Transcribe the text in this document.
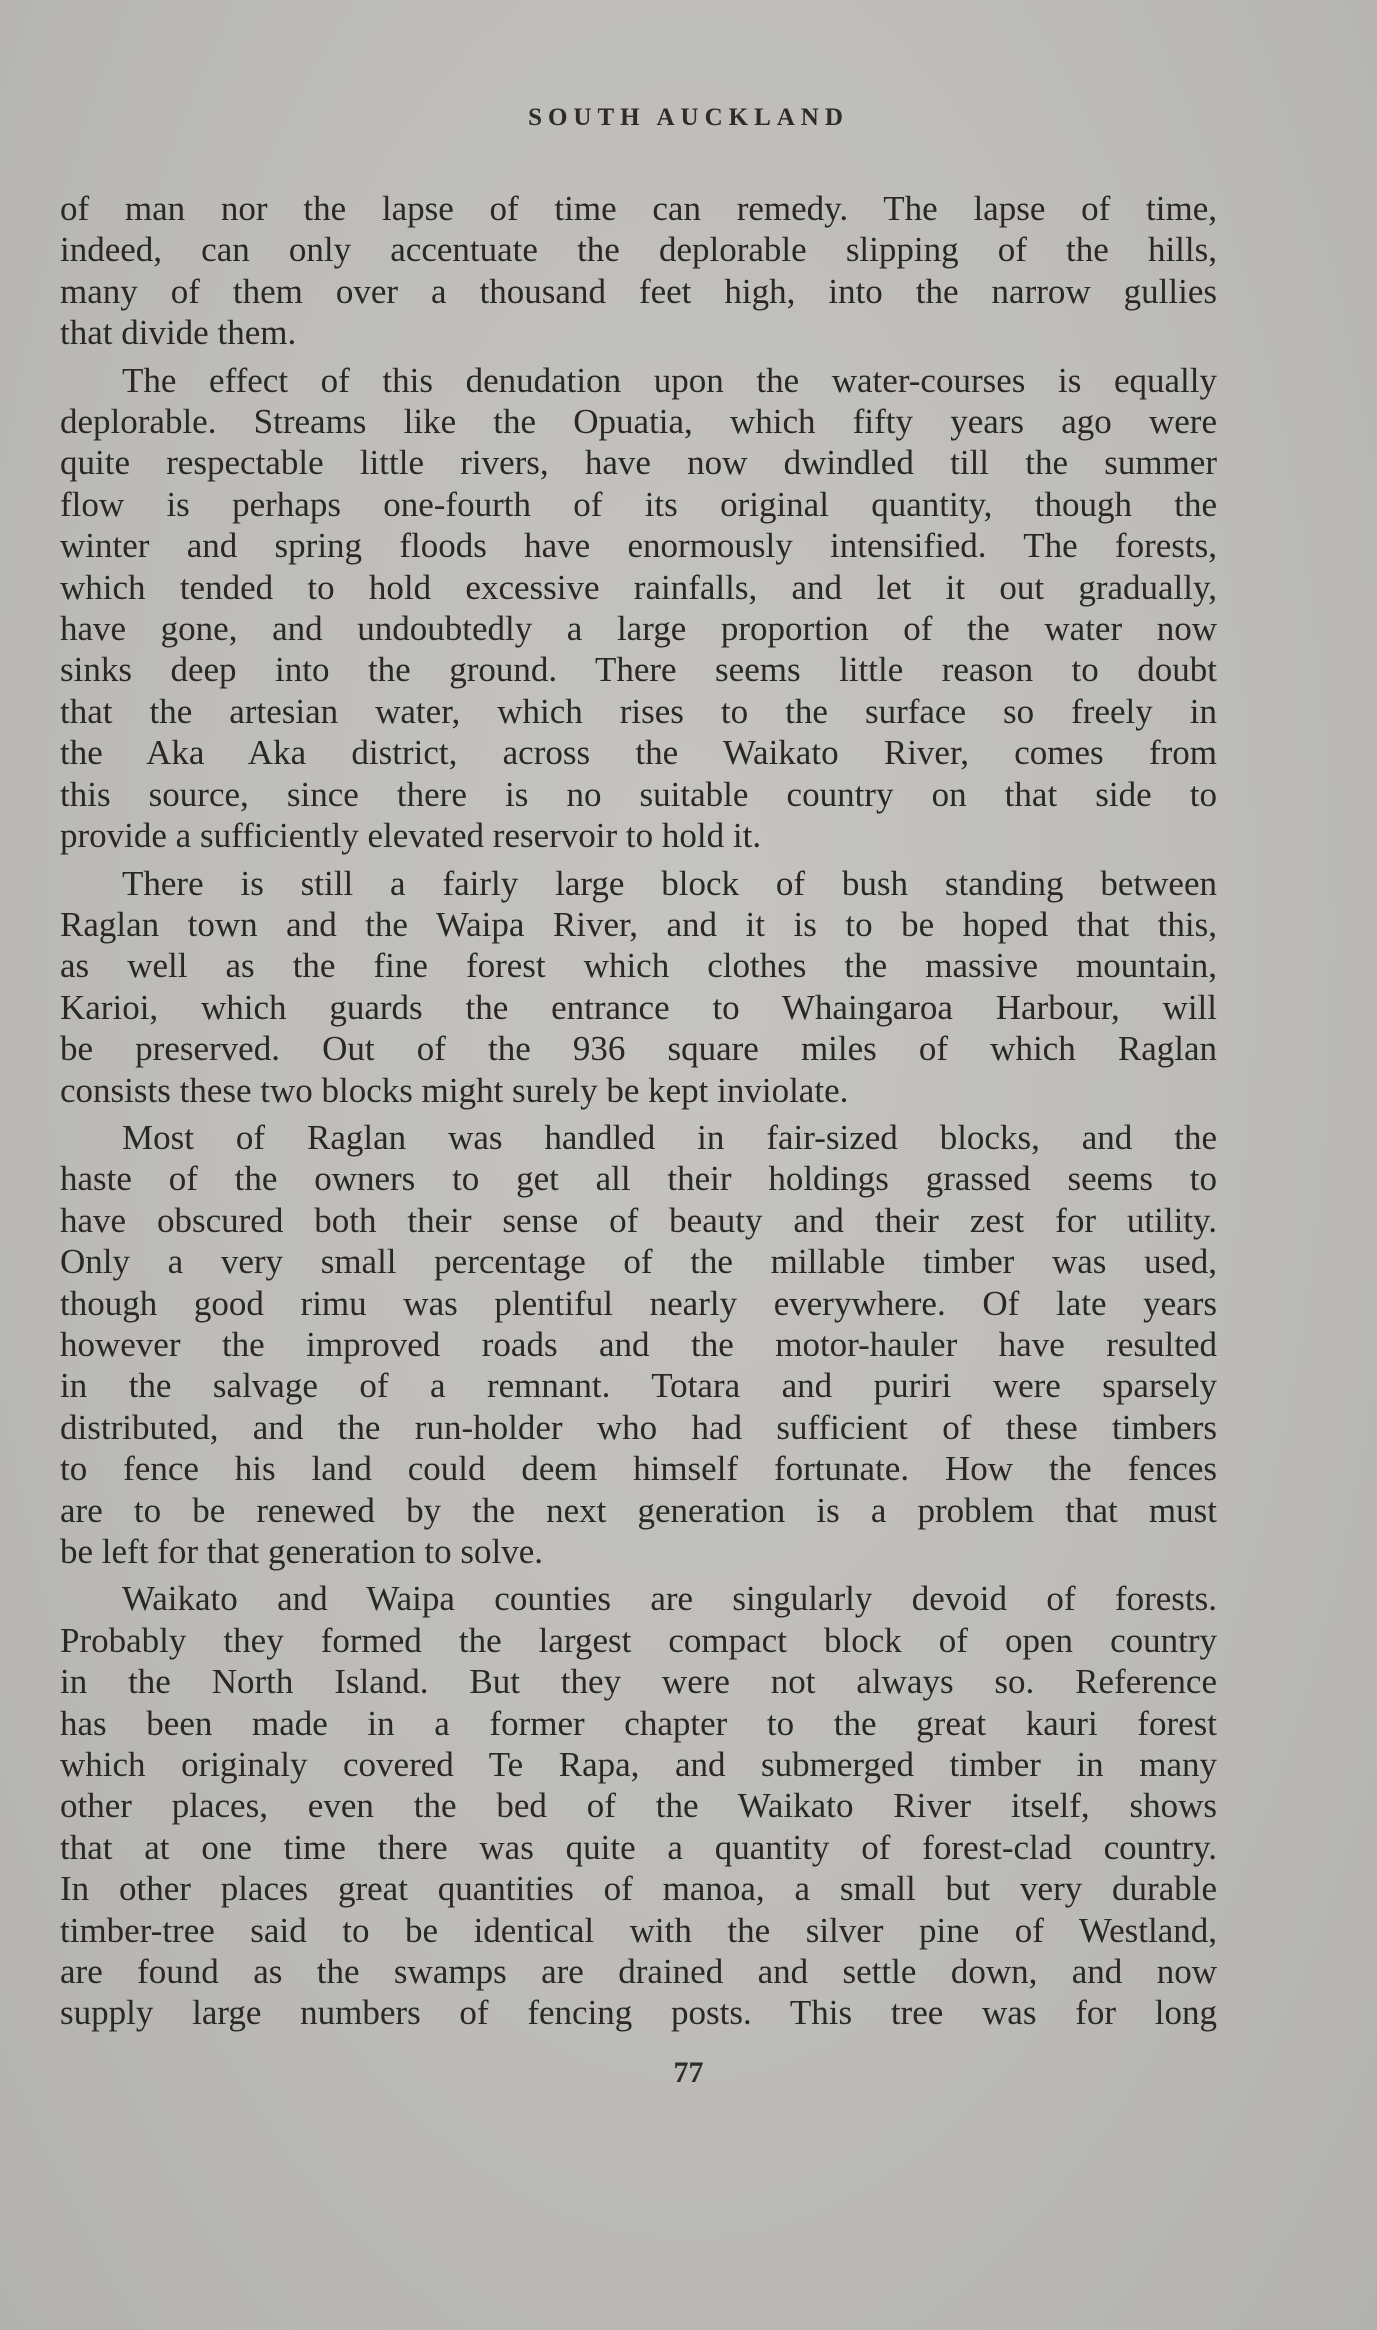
SOUTH AUCKLAND

of man nor the lapse of time can remedy. The lapse of time,
indeed, can only accentuate the deplorable slipping of the hills,
many of them over a thousand feet high, into the narrow gullies
that divide them.

The effect of this denudation upon the water-courses is equally
deplorable. Streams like the Opuatia, which fifty years ago were
quite respectable little rivers, have now dwindled till the summer
flow is perhaps one-fourth of its original quantity, though the
winter and spring floods have enormously intensified. The forests,
which tended to hold excessive rainfalls, and let it out gradually,
have gone, and undoubtedly a large proportion of the water now
sinks deep into the ground. There seems little reason to doubt
that the artesian water, which rises to the surface so freely in
the Aka Aka district, across the Waikato River, comes from
this source, since there is no suitable country on that side to
provide a sufficiently elevated reservoir to hold it.

There is still a fairly large block of bush standing between
Raglan town and the Waipa River, and it is to be hoped that this,
as well as the fine forest which clothes the massive mountain,
Karioi, which guards the entrance to Whaingaroa Harbour, will
be preserved. Out of the 936 square miles of which Raglan
consists these two blocks might surely be kept inviolate.

Most of Raglan was handled in fair-sized blocks, and the
haste of the owners to get all their holdings grassed seems to
have obscured both their sense of beauty and their zest for utility.
Only a very small percentage of the millable timber was used,
though good rimu was plentiful nearly everywhere. Of late years
however the improved roads and the motor-hauler have resulted
in the salvage of a remnant. Totara and puriri were sparsely
distributed, and the run-holder who had sufficient of these timbers
to fence his land could deem himself fortunate. How the fences
are to be renewed by the next generation is a problem that must
be left for that generation to solve.

Waikato and Waipa counties are singularly devoid of forests.
Probably they formed the largest compact block of open country
in the North Island. But they were not always so. Reference
has been made in a former chapter to the great kauri forest
which originaly covered Te Rapa, and submerged timber in many
other places, even the bed of the Waikato River itself, shows
that at one time there was quite a quantity of forest-clad country.
In other places great quantities of manoa, a small but very durable
timber-tree said to be identical with the silver pine of Westland,
are found as the swamps are drained and settle down, and now
supply large numbers of fencing posts. This tree was for long

77
